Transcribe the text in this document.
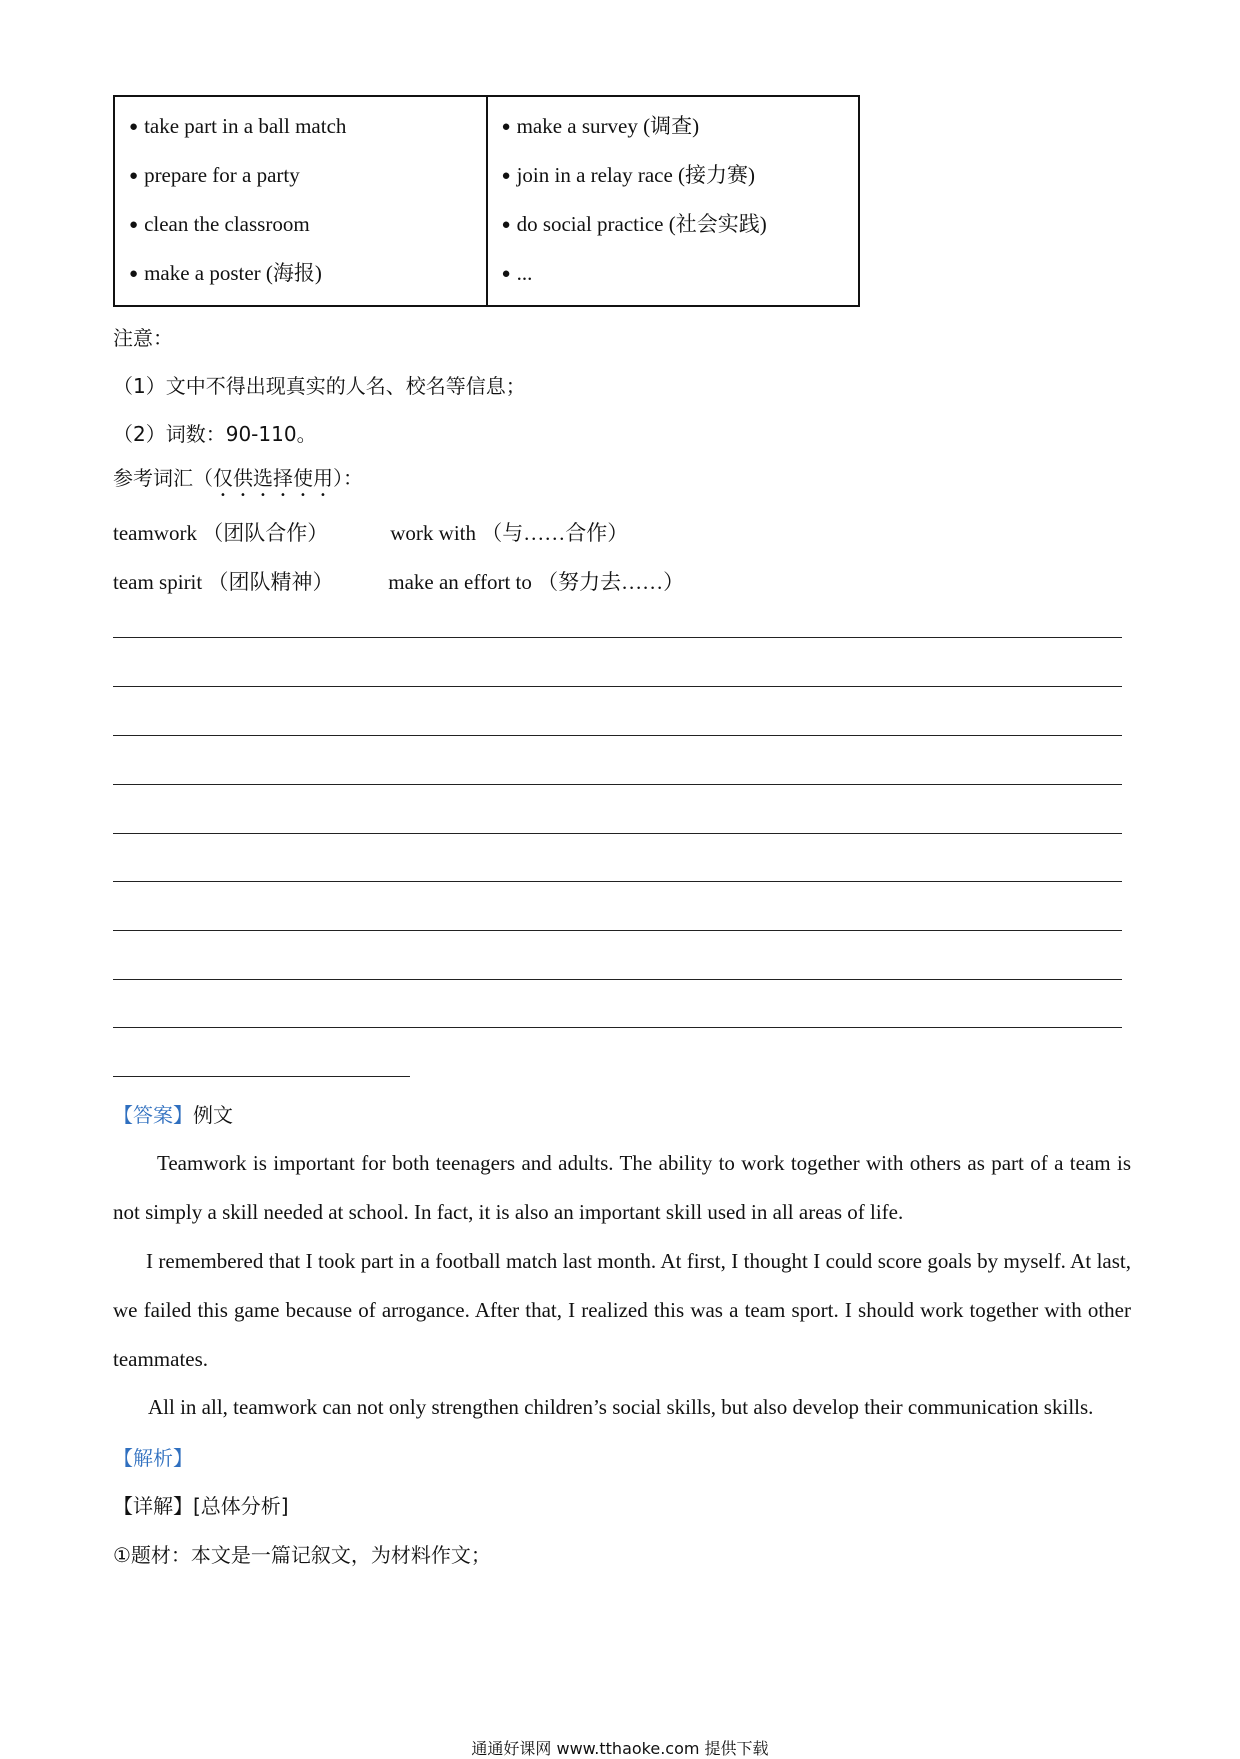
● take part in a ball match
● prepare for a party
● clean the classroom
● make a poster (海报)
● make a survey (调查)
● join in a relay race (接力赛)
● do social practice (社会实践)
● ...
注意：
（1）文中不得出现真实的人名、校名等信息；
（2）词数：90-110。
参考词汇（仅供选择使用）：
teamwork （团队合作）	work with （与……合作）
team spirit （团队精神）	make an effort to （努力去……）
【答案】例文
Teamwork is important for both teenagers and adults. The ability to work together with others as part of a team is not simply a skill needed at school. In fact, it is also an important skill used in all areas of life.
I remembered that I took part in a football match last month. At first, I thought I could score goals by myself. At last, we failed this game because of arrogance. After that, I realized this was a team sport. I should work together with other teammates.
All in all, teamwork can not only strengthen children’s social skills, but also develop their communication skills.
【解析】
【详解】[总体分析]
①题材：本文是一篇记叙文，为材料作文；
通通好课网 www.tthaoke.com 提供下载
